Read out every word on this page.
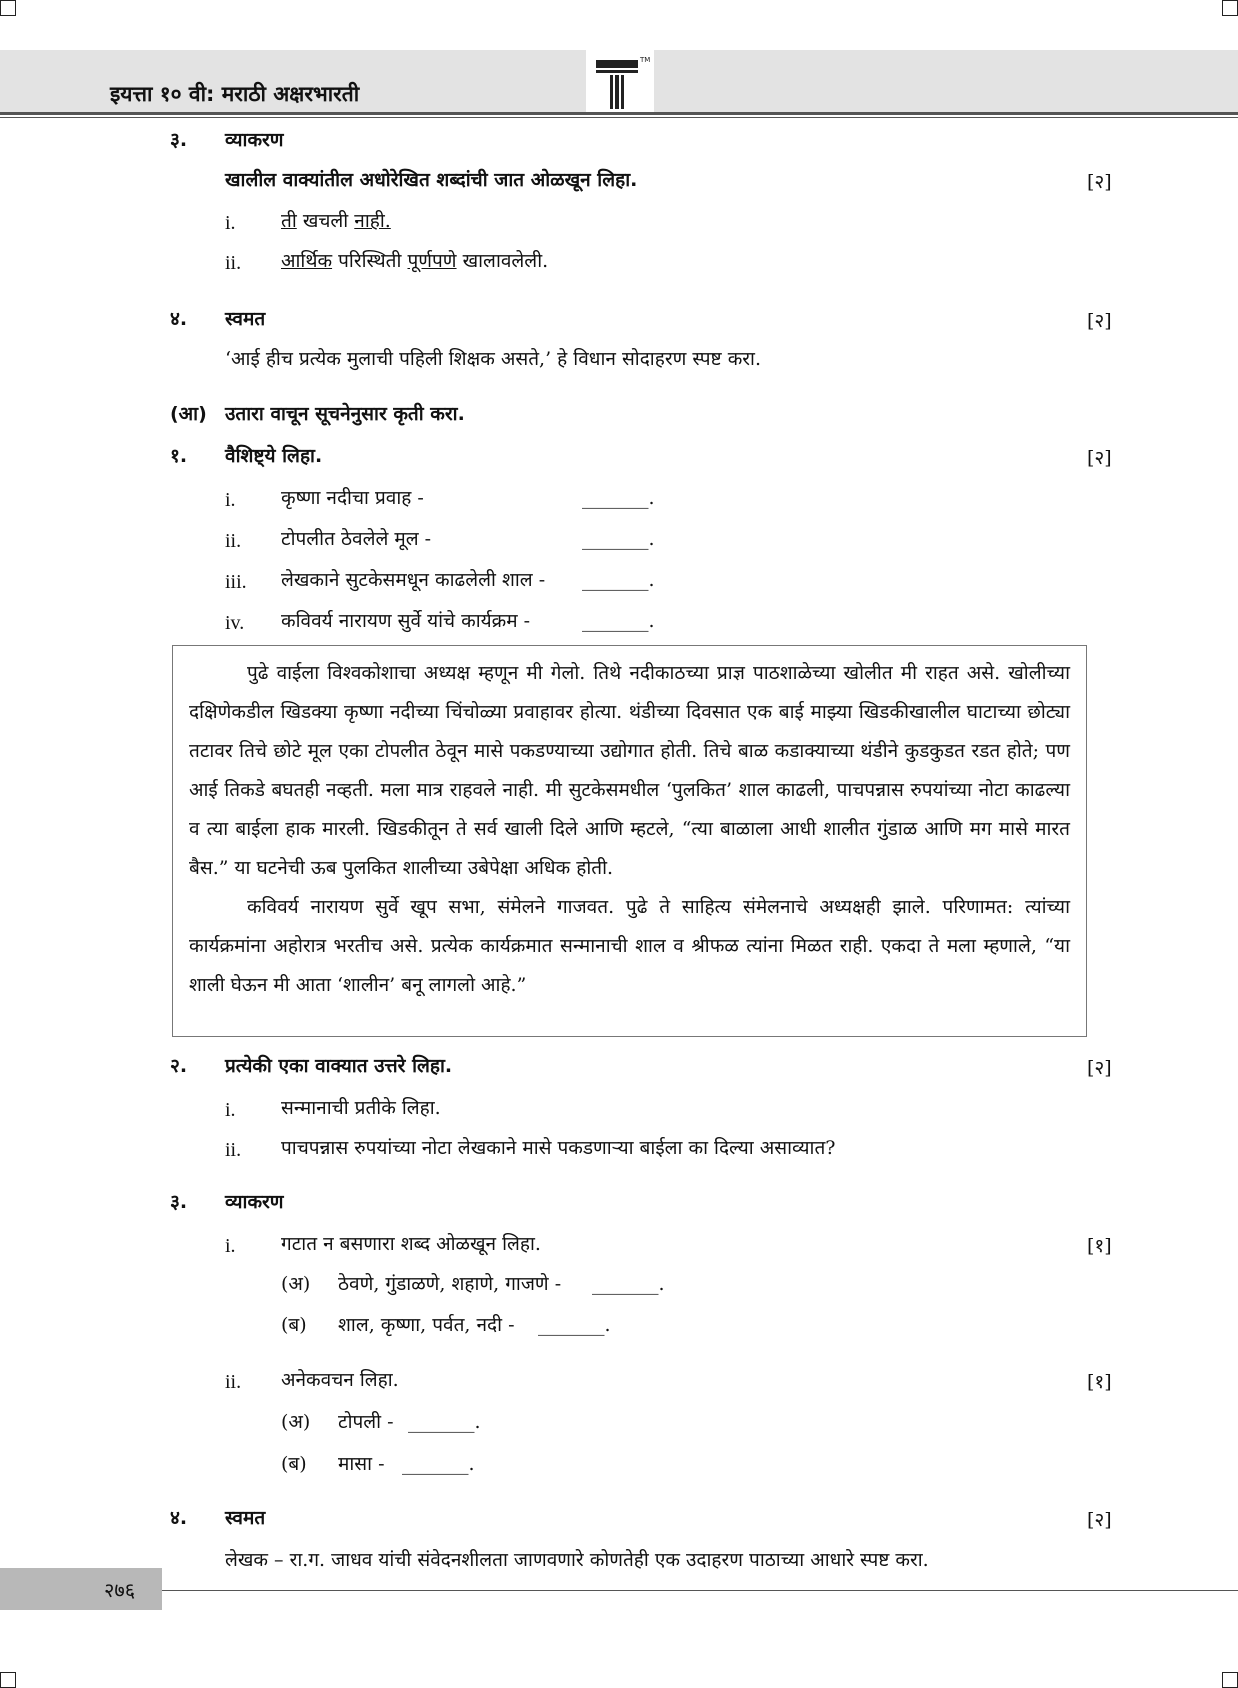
इयत्ता १० वी: मराठी अक्षरभारती
TM
३. व्याकरण
खालील वाक्यांतील अधोरेखित शब्दांची जात ओळखून लिहा.	[२]
i. ती खचली नाही.
ii. आर्थिक परिस्थिती पूर्णपणे खालावलेली.
४. स्वमत	[२]
‘आई हीच प्रत्येक मुलाची पहिली शिक्षक असते,’ हे विधान सोदाहरण स्पष्ट करा.
(आ) उतारा वाचून सूचनेनुसार कृती करा.
१. वैशिष्ट्ये लिहा.	[२]
i. कृष्णा नदीचा प्रवाह -	_______.
ii. टोपलीत ठेवलेले मूल -	_______.
iii. लेखकाने सुटकेसमधून काढलेली शाल - _______.
iv. कविवर्य नारायण सुर्वे यांचे कार्यक्रम -	_______.

पुढे वाईला विश्वकोशाचा अध्यक्ष म्हणून मी गेलो. तिथे नदीकाठच्या प्राज्ञ पाठशाळेच्या खोलीत मी राहत असे. खोलीच्या दक्षिणेकडील खिडक्या कृष्णा नदीच्या चिंचोळ्या प्रवाहावर होत्या. थंडीच्या दिवसात एक बाई माझ्या खिडकीखालील घाटाच्या छोट्या तटावर तिचे छोटे मूल एका टोपलीत ठेवून मासे पकडण्याच्या उद्योगात होती. तिचे बाळ कडाक्याच्या थंडीने कुडकुडत रडत होते; पण आई तिकडे बघतही नव्हती. मला मात्र राहवले नाही. मी सुटकेसमधील ‘पुलकित’ शाल काढली, पाचपन्नास रुपयांच्या नोटा काढल्या व त्या बाईला हाक मारली. खिडकीतून ते सर्व खाली दिले आणि म्हटले, “त्या बाळाला आधी शालीत गुंडाळ आणि मग मासे मारत बैस.” या घटनेची ऊब पुलकित शालीच्या उबेपेक्षा अधिक होती.

कविवर्य नारायण सुर्वे खूप सभा, संमेलने गाजवत. पुढे ते साहित्य संमेलनाचे अध्यक्षही झाले. परिणामत: त्यांच्या कार्यक्रमांना अहोरात्र भरतीच असे. प्रत्येक कार्यक्रमात सन्मानाची शाल व श्रीफळ त्यांना मिळत राही. एकदा ते मला म्हणाले, “या शाली घेऊन मी आता ‘शालीन’ बनू लागलो आहे.”

२. प्रत्येकी एका वाक्यात उत्तरे लिहा.	[२]
i. सन्मानाची प्रतीके लिहा.
ii. पाचपन्नास रुपयांच्या नोटा लेखकाने मासे पकडणाऱ्या बाईला का दिल्या असाव्यात?
३. व्याकरण
i. गटात न बसणारा शब्द ओळखून लिहा.	[१]
(अ) ठेवणे, गुंडाळणे, शहाणे, गाजणे - _______.
(ब) शाल, कृष्णा, पर्वत, नदी - _______.
ii. अनेकवचन लिहा.	[१]
(अ) टोपली - _______.
(ब) मासा - _______.
४. स्वमत	[२]
लेखक – रा.ग. जाधव यांची संवेदनशीलता जाणवणारे कोणतेही एक उदाहरण पाठाच्या आधारे स्पष्ट करा.
२७६
